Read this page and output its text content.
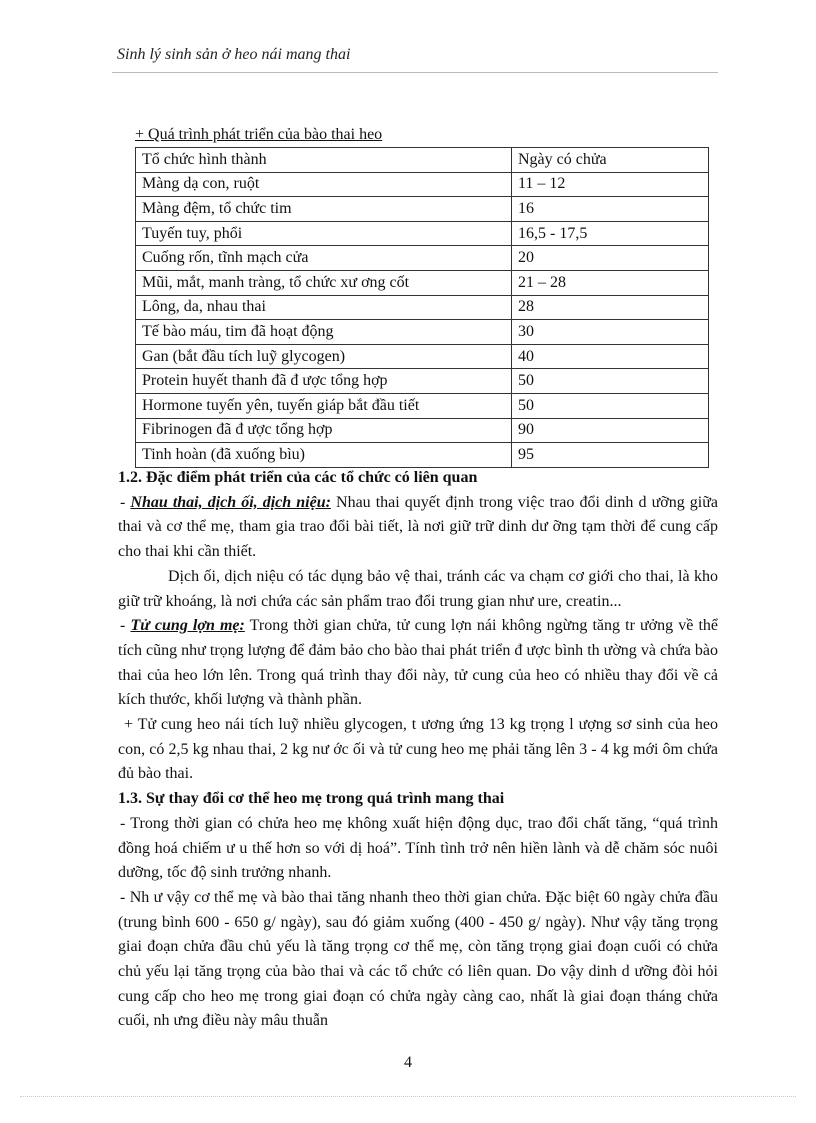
Sinh lý sinh sản ở heo nái mang thai
+ Quá trình phát triển của bào thai heo
Tổ chức hình thành	Ngày có chửa
Màng dạ con, ruột	11 – 12
Màng đệm, tổ chức tim	16
Tuyến tuy, phổi	16,5 - 17,5
Cuống rốn, tĩnh mạch cửa	20
Mũi, mắt, manh tràng, tổ chức xư ơng cốt	21 – 28
Lông, da, nhau thai	28
Tế bào máu, tim đã hoạt động	30
Gan (bắt đầu tích luỹ glycogen)	40
Protein huyết thanh đã đ ược tổng hợp	50
Hormone tuyến yên, tuyến giáp bắt đầu tiết	50
Fibrinogen đã đ ược tổng hợp	90
Tinh hoàn (đã xuống bìu)	95

1.2. Đặc điểm phát triển của các tổ chức có liên quan

- Nhau thai, dịch ối, dịch niệu: Nhau thai quyết định trong việc trao đổi dinh d ưỡng giữa thai và cơ thể mẹ, tham gia trao đổi bài tiết, là nơi giữ trữ dinh dư ỡng tạm thời để cung cấp cho thai khi cần thiết.

Dịch ối, dịch niệu có tác dụng bảo vệ thai, tránh các va chạm cơ giới cho thai, là kho giữ trữ khoáng, là nơi chứa các sản phẩm trao đổi trung gian như ure, creatin...

- Tử cung lợn mẹ: Trong thời gian chửa, tử cung lợn nái không ngừng tăng tr ưởng về thể tích cũng như trọng lượng để đảm bảo cho bào thai phát triển đ ược bình th ường và chứa bào thai của heo lớn lên. Trong quá trình thay đổi này, tử cung của heo có nhiều thay đổi về cả kích thước, khối lượng và thành phần.

+ Tử cung heo nái tích luỹ nhiều glycogen, t ương ứng 13 kg trọng l ượng sơ sinh của heo con, có 2,5 kg nhau thai, 2 kg nư ớc ối và tử cung heo mẹ phải tăng lên 3 - 4 kg mới ôm chứa đủ bào thai.

1.3. Sự thay đổi cơ thể heo mẹ trong quá trình mang thai

- Trong thời gian có chửa heo mẹ không xuất hiện động dục, trao đổi chất tăng, “quá trình đồng hoá chiếm ư u thế hơn so với dị hoá”. Tính tình trở nên hiền lành và dễ chăm sóc nuôi dưỡng, tốc độ sinh trưởng nhanh.

- Nh ư vậy cơ thể mẹ và bào thai tăng nhanh theo thời gian chửa. Đặc biệt 60 ngày chửa đầu (trung bình 600 - 650 g/ ngày), sau đó giảm xuống (400 - 450 g/ ngày). Như vậy tăng trọng giai đoạn chửa đầu chủ yếu là tăng trọng cơ thể mẹ, còn tăng trọng giai đoạn cuối có chửa chủ yếu lại tăng trọng của bào thai và các tổ chức có liên quan. Do vậy dinh d ưỡng đòi hỏi cung cấp cho heo mẹ trong giai đoạn có chửa ngày càng cao, nhất là giai đoạn tháng chửa cuối, nh ưng điều này mâu thuẫn

4
